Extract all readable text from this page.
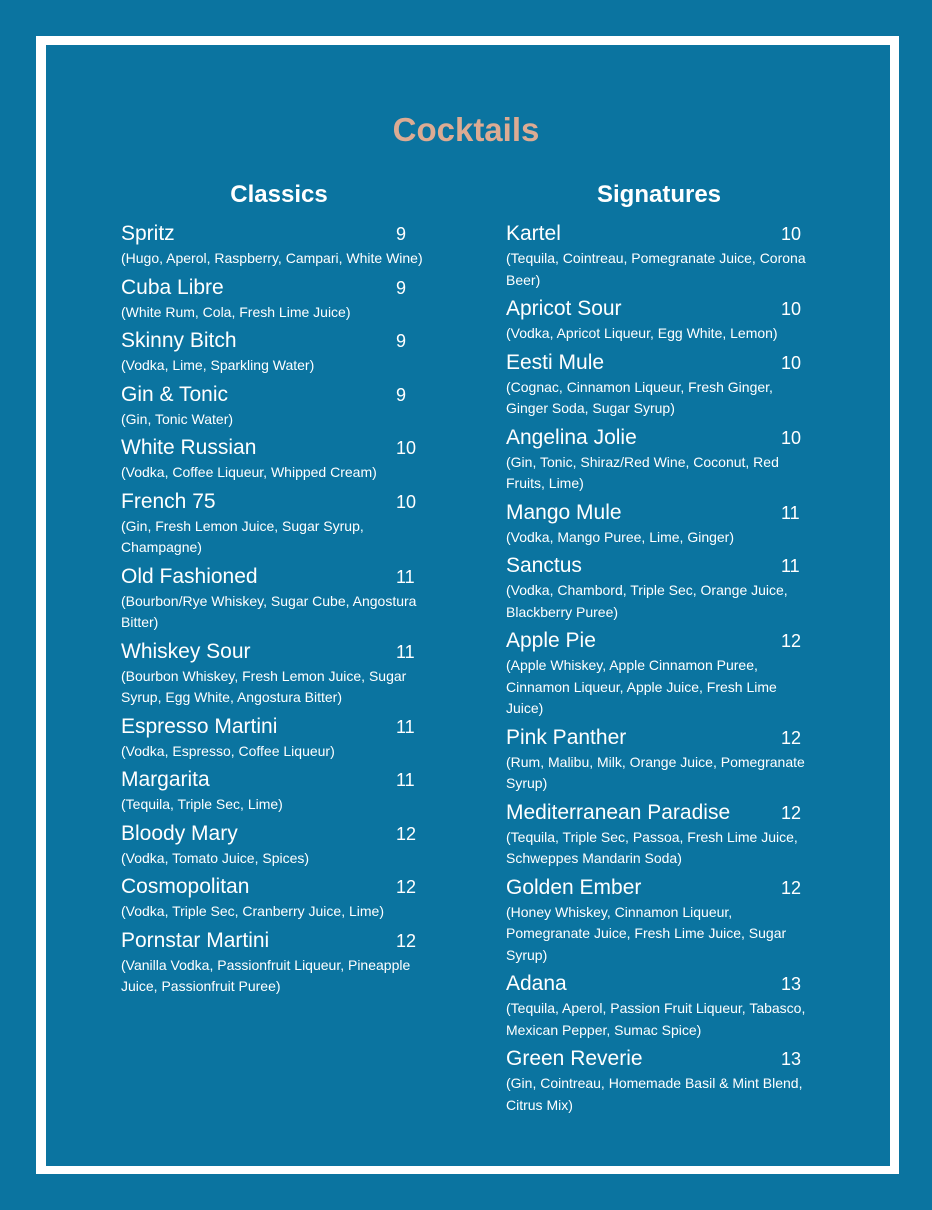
Cocktails
Classics	Signatures
Spritz	9
(Hugo, Aperol, Raspberry, Campari, White Wine)
Cuba Libre	9
(White Rum, Cola, Fresh Lime Juice)
Skinny Bitch	9
(Vodka, Lime, Sparkling Water)
Gin & Tonic	9
(Gin, Tonic Water)
White Russian	10
(Vodka, Coffee Liqueur, Whipped Cream)
French 75	10
(Gin, Fresh Lemon Juice, Sugar Syrup, Champagne)
Old Fashioned	11
(Bourbon/Rye Whiskey, Sugar Cube, Angostura Bitter)
Whiskey Sour	11
(Bourbon Whiskey, Fresh Lemon Juice, Sugar Syrup, Egg White, Angostura Bitter)
Espresso Martini	11
(Vodka, Espresso, Coffee Liqueur)
Margarita	11
(Tequila, Triple Sec, Lime)
Bloody Mary	12
(Vodka, Tomato Juice, Spices)
Cosmopolitan	12
(Vodka, Triple Sec, Cranberry Juice, Lime)
Pornstar Martini	12
(Vanilla Vodka, Passionfruit Liqueur, Pineapple Juice, Passionfruit Puree)
Kartel	10
(Tequila, Cointreau, Pomegranate Juice, Corona Beer)
Apricot Sour	10
(Vodka, Apricot Liqueur, Egg White, Lemon)
Eesti Mule	10
(Cognac, Cinnamon Liqueur, Fresh Ginger, Ginger Soda, Sugar Syrup)
Angelina Jolie	10
(Gin, Tonic, Shiraz/Red Wine, Coconut, Red Fruits, Lime)
Mango Mule	11
(Vodka, Mango Puree, Lime, Ginger)
Sanctus	11
(Vodka, Chambord, Triple Sec, Orange Juice, Blackberry Puree)
Apple Pie	12
(Apple Whiskey, Apple Cinnamon Puree, Cinnamon Liqueur, Apple Juice, Fresh Lime Juice)
Pink Panther	12
(Rum, Malibu, Milk, Orange Juice, Pomegranate Syrup)
Mediterranean Paradise	12
(Tequila, Triple Sec, Passoa, Fresh Lime Juice, Schweppes Mandarin Soda)
Golden Ember	12
(Honey Whiskey, Cinnamon Liqueur, Pomegranate Juice, Fresh Lime Juice, Sugar Syrup)
Adana	13
(Tequila, Aperol, Passion Fruit Liqueur, Tabasco, Mexican Pepper, Sumac Spice)
Green Reverie	13
(Gin, Cointreau, Homemade Basil & Mint Blend, Citrus Mix)
